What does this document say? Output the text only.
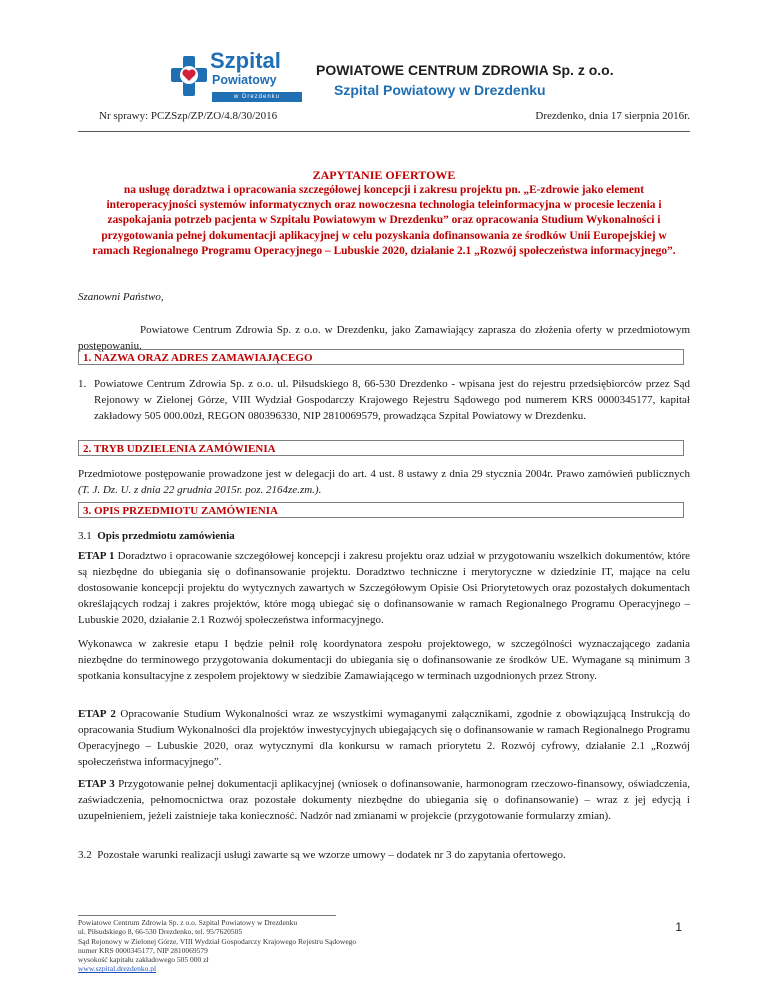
Szpital
Powiatowy
w Drezdenku
POWIATOWE CENTRUM ZDROWIA Sp. z o.o.
Szpital Powiatowy w Drezdenku
Nr sprawy: PCZSzp/ZP/ZO/4.8/30/2016	Drezdenko, dnia 17 sierpnia 2016r.
ZAPYTANIE OFERTOWE
na usługę doradztwa i opracowania szczegółowej koncepcji i zakresu projektu pn. „E-zdrowie jako element interoperacyjności systemów informatycznych oraz nowoczesna technologia teleinformacyjna w procesie leczenia i zaspokajania potrzeb pacjenta w Szpitalu Powiatowym w Drezdenku” oraz opracowania Studium Wykonalności i przygotowania pełnej dokumentacji aplikacyjnej w celu pozyskania dofinansowania ze środków Unii Europejskiej w ramach Regionalnego Programu Operacyjnego – Lubuskie 2020, działanie 2.1 „Rozwój społeczeństwa informacyjnego”.
Szanowni Państwo,
Powiatowe Centrum Zdrowia Sp. z o.o. w Drezdenku, jako Zamawiający zaprasza do złożenia oferty w przedmiotowym postępowaniu.
1. NAZWA ORAZ ADRES ZAMAWIAJĄCEGO
1. Powiatowe Centrum Zdrowia Sp. z o.o. ul. Piłsudskiego 8, 66-530 Drezdenko - wpisana jest do rejestru przedsiębiorców przez Sąd Rejonowy w Zielonej Górze, VIII Wydział Gospodarczy Krajowego Rejestru Sądowego pod numerem KRS 0000345177, kapitał zakładowy 505 000.00zł, REGON 080396330, NIP 2810069579, prowadząca Szpital Powiatowy w Drezdenku.
2. TRYB UDZIELENIA ZAMÓWIENIA
Przedmiotowe postępowanie prowadzone jest w delegacji do art. 4 ust. 8 ustawy z dnia 29 stycznia 2004r. Prawo zamówień publicznych (T. J. Dz. U. z dnia 22 grudnia 2015r. poz. 2164ze.zm.).
3. OPIS PRZEDMIOTU ZAMÓWIENIA
3.1 Opis przedmiotu zamówienia
ETAP 1 Doradztwo i opracowanie szczegółowej koncepcji i zakresu projektu oraz udział w przygotowaniu wszelkich dokumentów, które są niezbędne do ubiegania się o dofinansowanie projektu. Doradztwo techniczne i merytoryczne w dziedzinie IT, mające na celu dostosowanie koncepcji projektu do wytycznych zawartych w Szczegółowym Opisie Osi Priorytetowych oraz pozostałych dokumentach określających rodzaj i zakres projektów, które mogą ubiegać się o dofinansowanie w ramach Regionalnego Programu Operacyjnego – Lubuskie 2020, działanie 2.1 Rozwój społeczeństwa informacyjnego.
Wykonawca w zakresie etapu I będzie pełnił rolę koordynatora zespołu projektowego, w szczególności wyznaczającego zadania niezbędne do terminowego przygotowania dokumentacji do ubiegania się o dofinansowanie ze środków UE. Wymagane są minimum 3 spotkania konsultacyjne z zespołem projektowy w siedzibie Zamawiającego w terminach uzgodnionych przez Strony.
ETAP 2 Opracowanie Studium Wykonalności wraz ze wszystkimi wymaganymi załącznikami, zgodnie z obowiązującą Instrukcją do opracowania Studium Wykonalności dla projektów inwestycyjnych ubiegających się o dofinansowanie w ramach Regionalnego Programu Operacyjnego – Lubuskie 2020, oraz wytycznymi dla konkursu w ramach priorytetu 2. Rozwój cyfrowy, działanie 2.1 „Rozwój społeczeństwa informacyjnego”.
ETAP 3 Przygotowanie pełnej dokumentacji aplikacyjnej (wniosek o dofinansowanie, harmonogram rzeczowo-finansowy, oświadczenia, zaświadczenia, pełnomocnictwa oraz pozostałe dokumenty niezbędne do ubiegania się o dofinansowanie) – wraz z jej edycją i uzupełnieniem, jeżeli zaistnieje taka konieczność. Nadzór nad zmianami w projekcie (przygotowanie formularzy zmian).
3.2 Pozostałe warunki realizacji usługi zawarte są we wzorze umowy – dodatek nr 3 do zapytania ofertowego.
Powiatowe Centrum Zdrowia Sp. z o.o. Szpital Powiatowy w Drezdenku
ul. Piłsudskiego 8, 66-530 Drezdenko, tel. 95/7620505
Sąd Rejonowy w Zielonej Górze, VIII Wydział Gospodarczy Krajowego Rejestru Sądowego
numer KRS 0000345177, NIP 2810069579
wysokość kapitału zakładowego 505 000 zł
www.szpital.drezdenko.pl
1
